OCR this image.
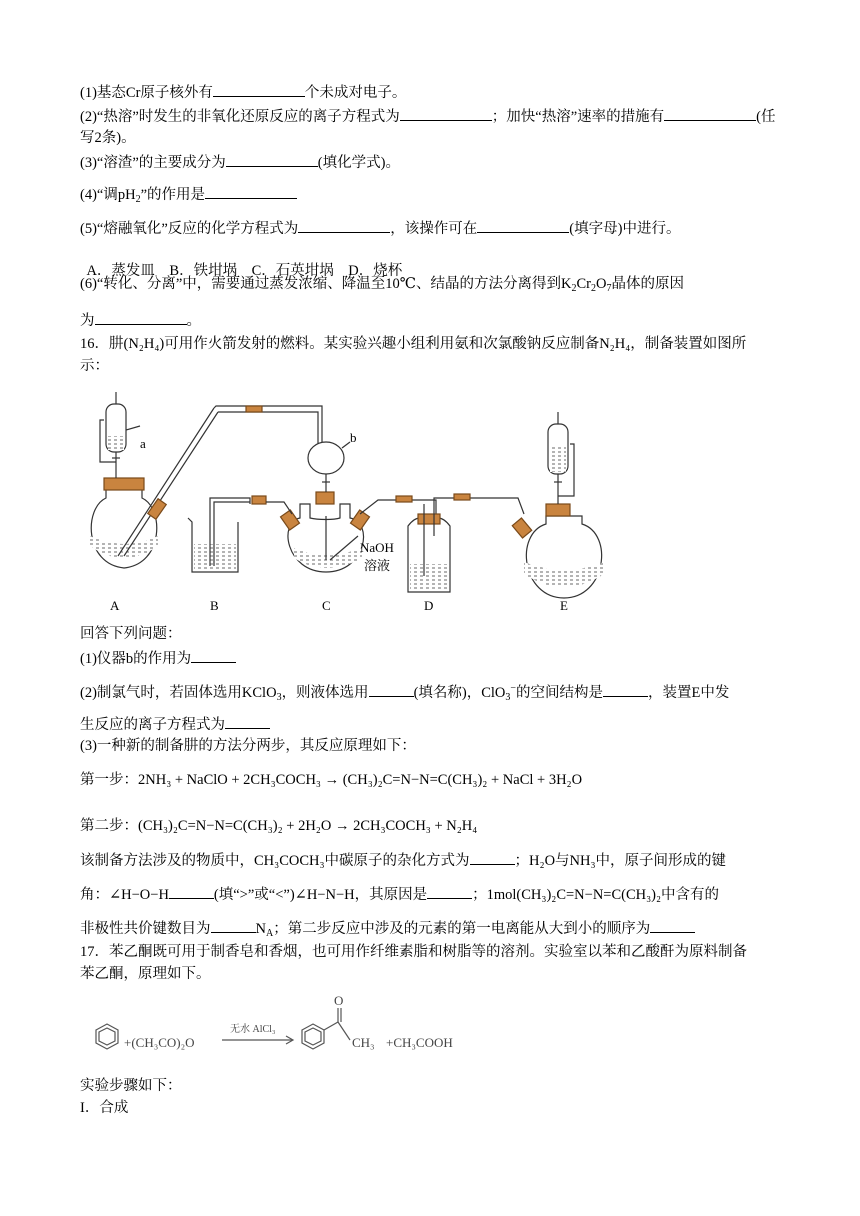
(1)基态Cr原子核外有	个未成对电子。
(2)“热溶”时发生的非氧化还原反应的离子方程式为	；加快“热溶”速率的措施有	(任
写2条)。
(3)“溶渣”的主要成分为	(填化学式)。
(4)“调$pH_2$”的作用是
(5)“熔融氧化”反应的化学方程式为	，该操作可在	(填字母)中进行。

A．蒸发皿    B．铁坩埚    C．石英坩埚    D．烧杯

(6)“转化、分离”中，需要通过蒸发浓缩、降温至10℃、结晶的方法分离得到$K_2Cr_2O_7$晶体的原因
为	。
16．肼(N₂H₄)可用作火箭发射的燃料。某实验兴趣小组利用氨和次氯酸钠反应制备N₂H₄，制备装置如图所
示：
a	b
NaOH
溶液
A	B	C	D	E
回答下列问题：
(1)仪器b的作用为
(2)制氯气时，若固体选用KClO$_3$，则液体选用	(填名称)，ClO$_3$−的空间结构是	，装置E中发
生反应的离子方程式为
(3)一种新的制备肼的方法分两步，其反应原理如下：
第一步：2NH₃ + NaClO + 2CH₃COCH₃ → (CH₃)₂C=N−N=C(CH₃)₂ + NaCl + 3H₂O
第二步：(CH₃)₂C=N−N=C(CH₃)₂ + 2H₂O → 2CH₃COCH₃ + N₂H₄
该制备方法涉及的物质中，CH₃COCH₃中碳原子的杂化方式为	；H₂O与NH₃中，原子间形成的键
角：∠H−O−H	(填“>”或“<”)∠H−N−H，其原因是	；1mol(CH₃)₂C=N−N=C(CH₃)₂中含有的
非极性共价键数目为	$N_A$；第二步反应中涉及的元素的第一电离能从大到小的顺序为
17．苯乙酮既可用于制香皂和香烟，也可用作纤维素脂和树脂等的溶剂。实验室以苯和乙酸酐为原料制备
苯乙酮，原理如下。
+(CH₃CO)₂O
无水 AlCl₃
O
CH₃ +CH₃COOH
实验步骤如下：
I．合成
